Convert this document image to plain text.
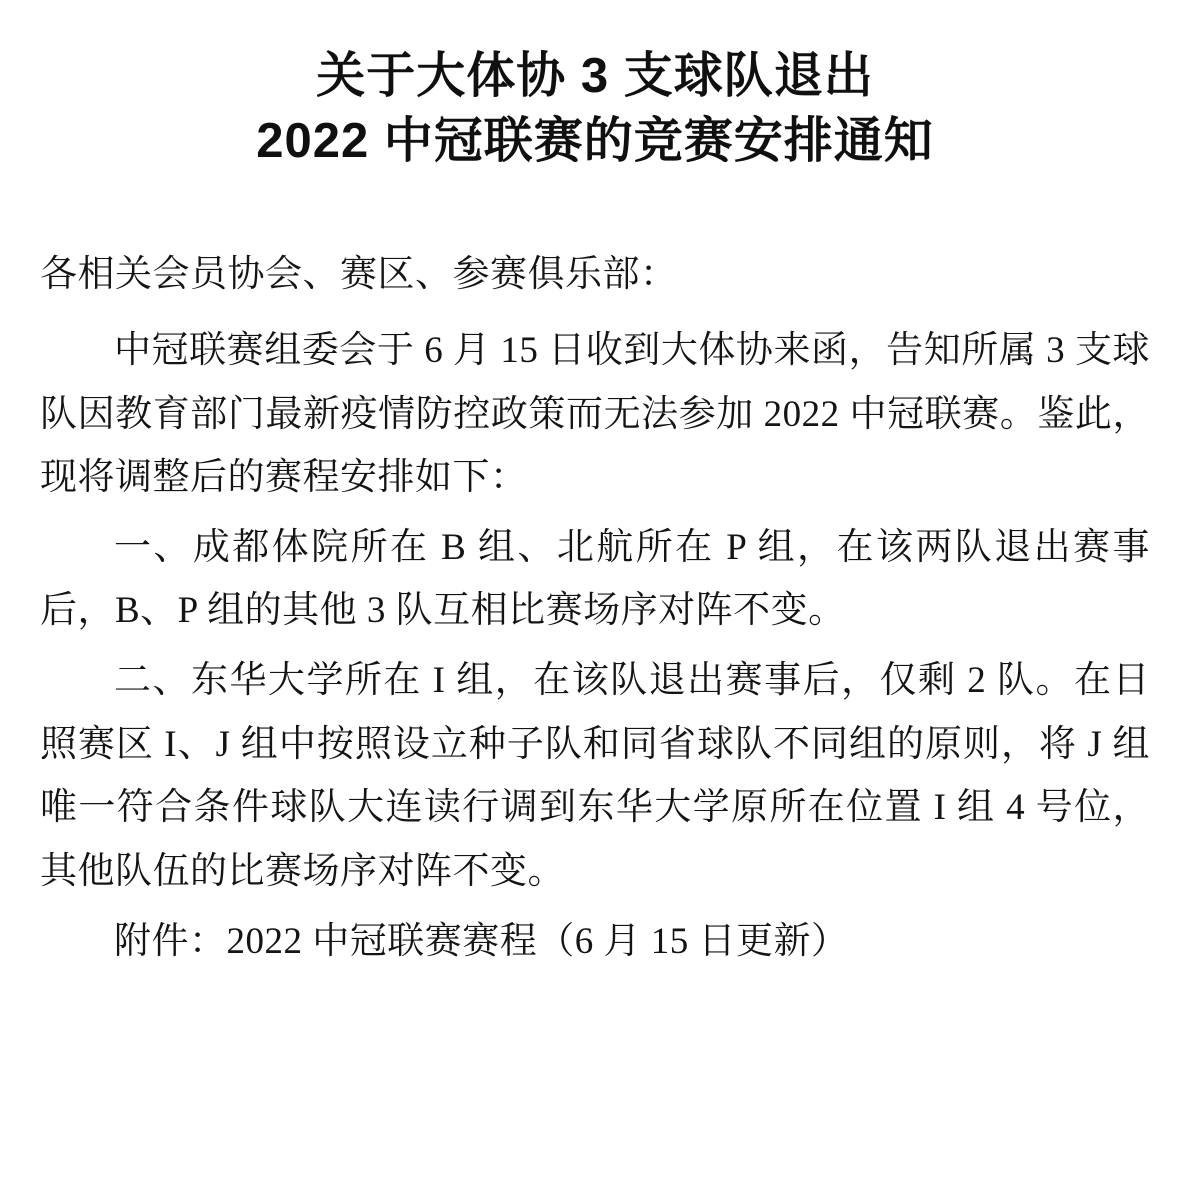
关于大体协 3 支球队退出
2022 中冠联赛的竞赛安排通知

各相关会员协会、赛区、参赛俱乐部：

中冠联赛组委会于 6 月 15 日收到大体协来函，告知所属 3 支球队因教育部门最新疫情防控政策而无法参加 2022 中冠联赛。鉴此，现将调整后的赛程安排如下：

一、成都体院所在 B 组、北航所在 P 组，在该两队退出赛事后，B、P 组的其他 3 队互相比赛场序对阵不变。

二、东华大学所在 I 组，在该队退出赛事后，仅剩 2 队。在日照赛区 I、J 组中按照设立种子队和同省球队不同组的原则，将 J 组唯一符合条件球队大连读行调到东华大学原所在位置 I 组 4 号位，其他队伍的比赛场序对阵不变。

附件：2022 中冠联赛赛程（6 月 15 日更新）
